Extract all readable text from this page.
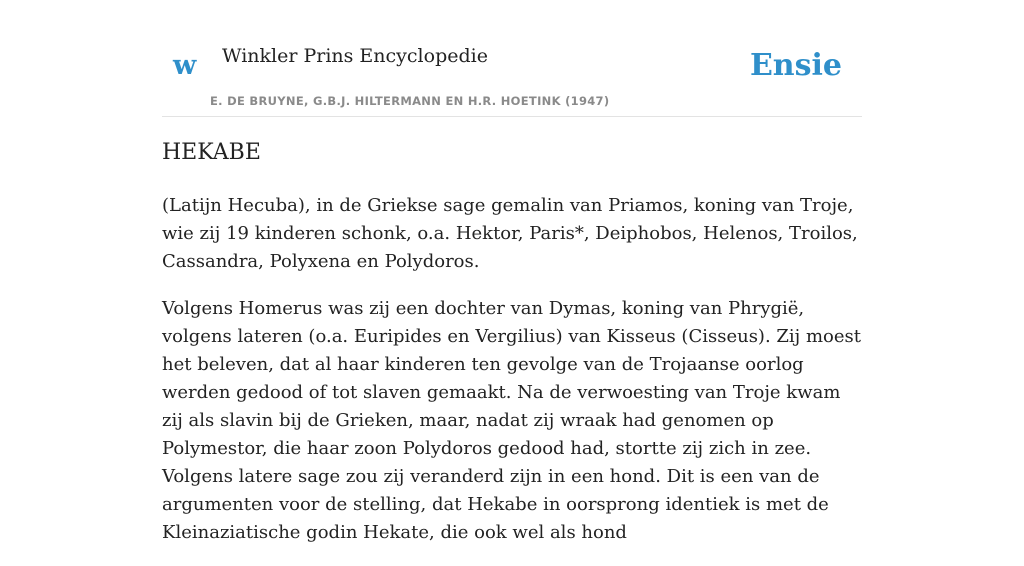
w Winkler Prins Encyclopedie
E. DE BRUYNE, G.B.J. HILTERMANN EN H.R. HOETINK (1947)
Ensie
HEKABE

(Latijn Hecuba), in de Griekse sage gemalin van Priamos, koning van Troje, wie zij 19 kinderen schonk, o.a. Hektor, Paris*, Deiphobos, Helenos, Troilos, Cassandra, Polyxena en Polydoros.

Volgens Homerus was zij een dochter van Dymas, koning van Phrygië, volgens lateren (o.a. Euripides en Vergilius) van Kisseus (Cisseus). Zij moest het beleven, dat al haar kinderen ten gevolge van de Trojaanse oorlog werden gedood of tot slaven gemaakt. Na de verwoesting van Troje kwam zij als slavin bij de Grieken, maar, nadat zij wraak had genomen op Polymestor, die haar zoon Polydoros gedood had, stortte zij zich in zee. Volgens latere sage zou zij veranderd zijn in een hond. Dit is een van de argumenten voor de stelling, dat Hekabe in oorsprong identiek is met de Kleinaziatische godin Hekate, die ook wel als hond
